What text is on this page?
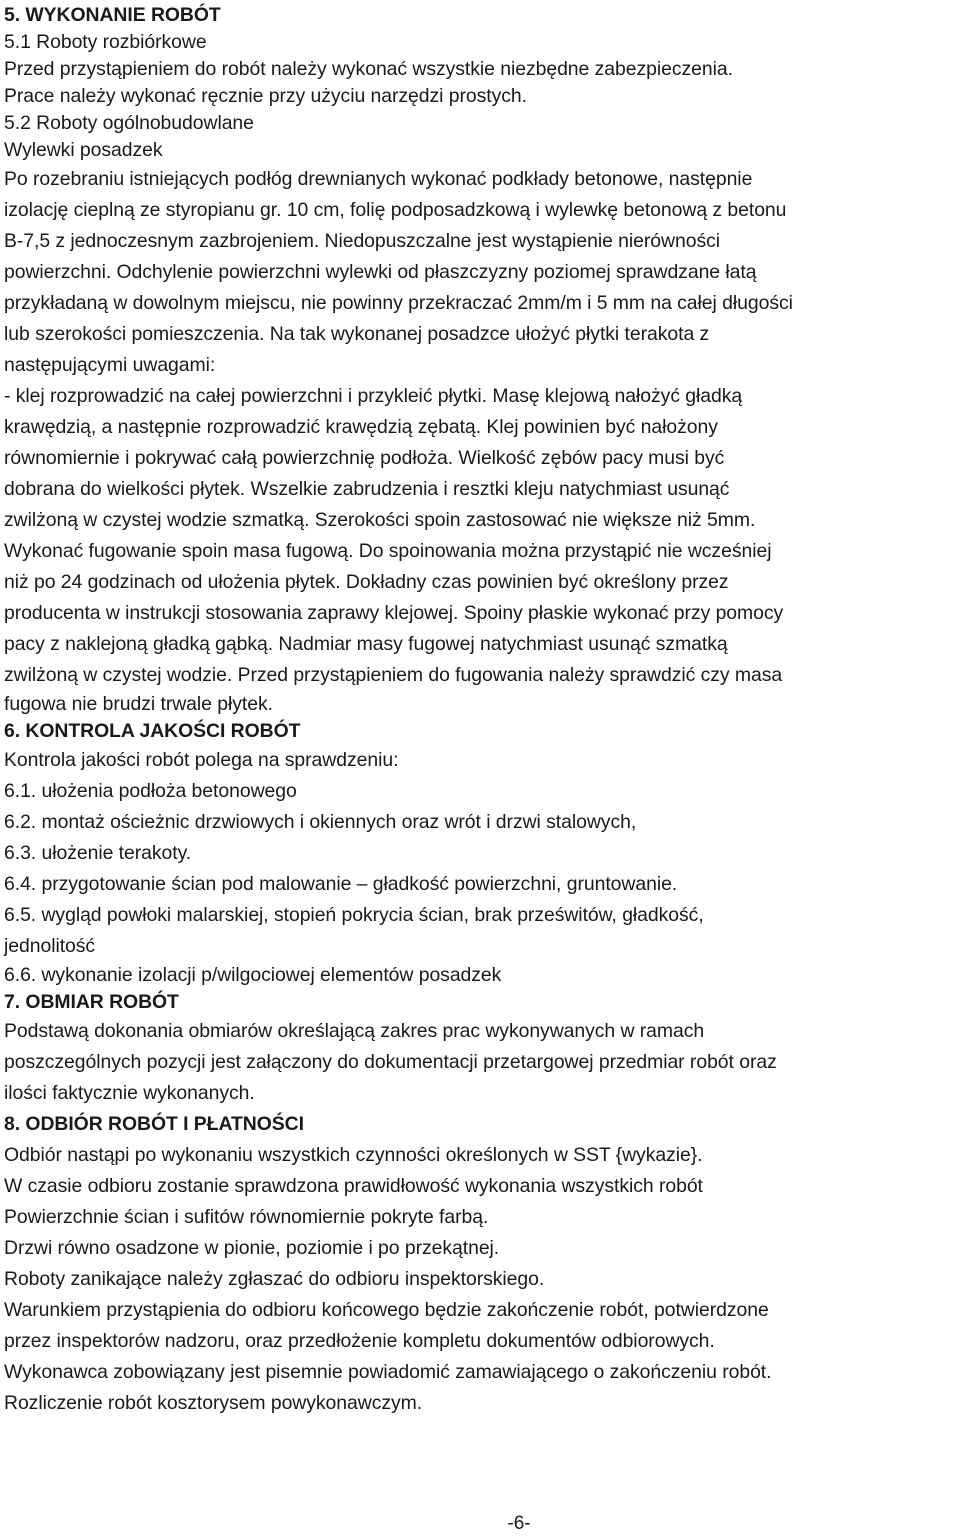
5. WYKONANIE ROBÓT
5.1 Roboty rozbiórkowe
Przed przystąpieniem do robót należy wykonać wszystkie niezbędne zabezpieczenia.
Prace należy wykonać ręcznie przy użyciu narzędzi prostych.
5.2 Roboty ogólnobudowlane
Wylewki posadzek
Po rozebraniu istniejących podłóg drewnianych wykonać podkłady betonowe, następnie
izolację cieplną ze styropianu gr. 10 cm, folię podposadzkową i wylewkę betonową z betonu
B-7,5 z jednoczesnym zazbrojeniem. Niedopuszczalne jest wystąpienie nierówności
powierzchni. Odchylenie powierzchni wylewki od płaszczyzny poziomej sprawdzane łatą
przykładaną w dowolnym miejscu, nie powinny przekraczać 2mm/m i 5 mm na całej długości
lub szerokości pomieszczenia. Na tak wykonanej posadzce ułożyć płytki terakota z
następującymi uwagami:
- klej rozprowadzić na całej powierzchni i przykleić płytki. Masę klejową nałożyć gładką
krawędzią, a następnie rozprowadzić krawędzią zębatą. Klej powinien być nałożony
równomiernie i pokrywać całą powierzchnię podłoża. Wielkość zębów pacy musi być
dobrana do wielkości płytek. Wszelkie zabrudzenia i resztki kleju natychmiast usunąć
zwilżoną w czystej wodzie szmatką. Szerokości spoin zastosować nie większe niż 5mm.
Wykonać fugowanie spoin masa fugową. Do spoinowania można przystąpić nie wcześniej
niż po 24 godzinach od ułożenia płytek. Dokładny czas powinien być określony przez
producenta w instrukcji stosowania zaprawy klejowej. Spoiny płaskie wykonać przy pomocy
pacy z naklejoną gładką gąbką. Nadmiar masy fugowej natychmiast usunąć szmatką
zwilżoną w czystej wodzie. Przed przystąpieniem do fugowania należy sprawdzić czy masa
fugowa nie brudzi trwale płytek.
6. KONTROLA JAKOŚCI ROBÓT
Kontrola jakości robót polega na sprawdzeniu:
6.1. ułożenia podłoża betonowego
6.2. montaż ościeżnic drzwiowych i okiennych oraz wrót i drzwi stalowych,
6.3. ułożenie terakoty.
6.4. przygotowanie ścian pod malowanie – gładkość powierzchni, gruntowanie.
6.5. wygląd powłoki malarskiej, stopień pokrycia ścian, brak prześwitów, gładkość,
jednolitość
6.6. wykonanie izolacji p/wilgociowej elementów posadzek
7. OBMIAR ROBÓT
Podstawą dokonania obmiarów określającą zakres prac wykonywanych w ramach
poszczególnych pozycji jest załączony do dokumentacji przetargowej przedmiar robót oraz
ilości faktycznie wykonanych.
8. ODBIÓR ROBÓT I PŁATNOŚCI
Odbiór nastąpi po wykonaniu wszystkich czynności określonych w SST {wykazie}.
W czasie odbioru zostanie sprawdzona prawidłowość wykonania wszystkich robót
Powierzchnie ścian i sufitów równomiernie pokryte farbą.
Drzwi równo osadzone w pionie, poziomie i po przekątnej.
Roboty zanikające należy zgłaszać do odbioru inspektorskiego.
Warunkiem przystąpienia do odbioru końcowego będzie zakończenie robót, potwierdzone
przez inspektorów nadzoru, oraz przedłożenie kompletu dokumentów odbiorowych.
Wykonawca zobowiązany jest pisemnie powiadomić zamawiającego o zakończeniu robót.
Rozliczenie robót kosztorysem powykonawczym.
-6-
